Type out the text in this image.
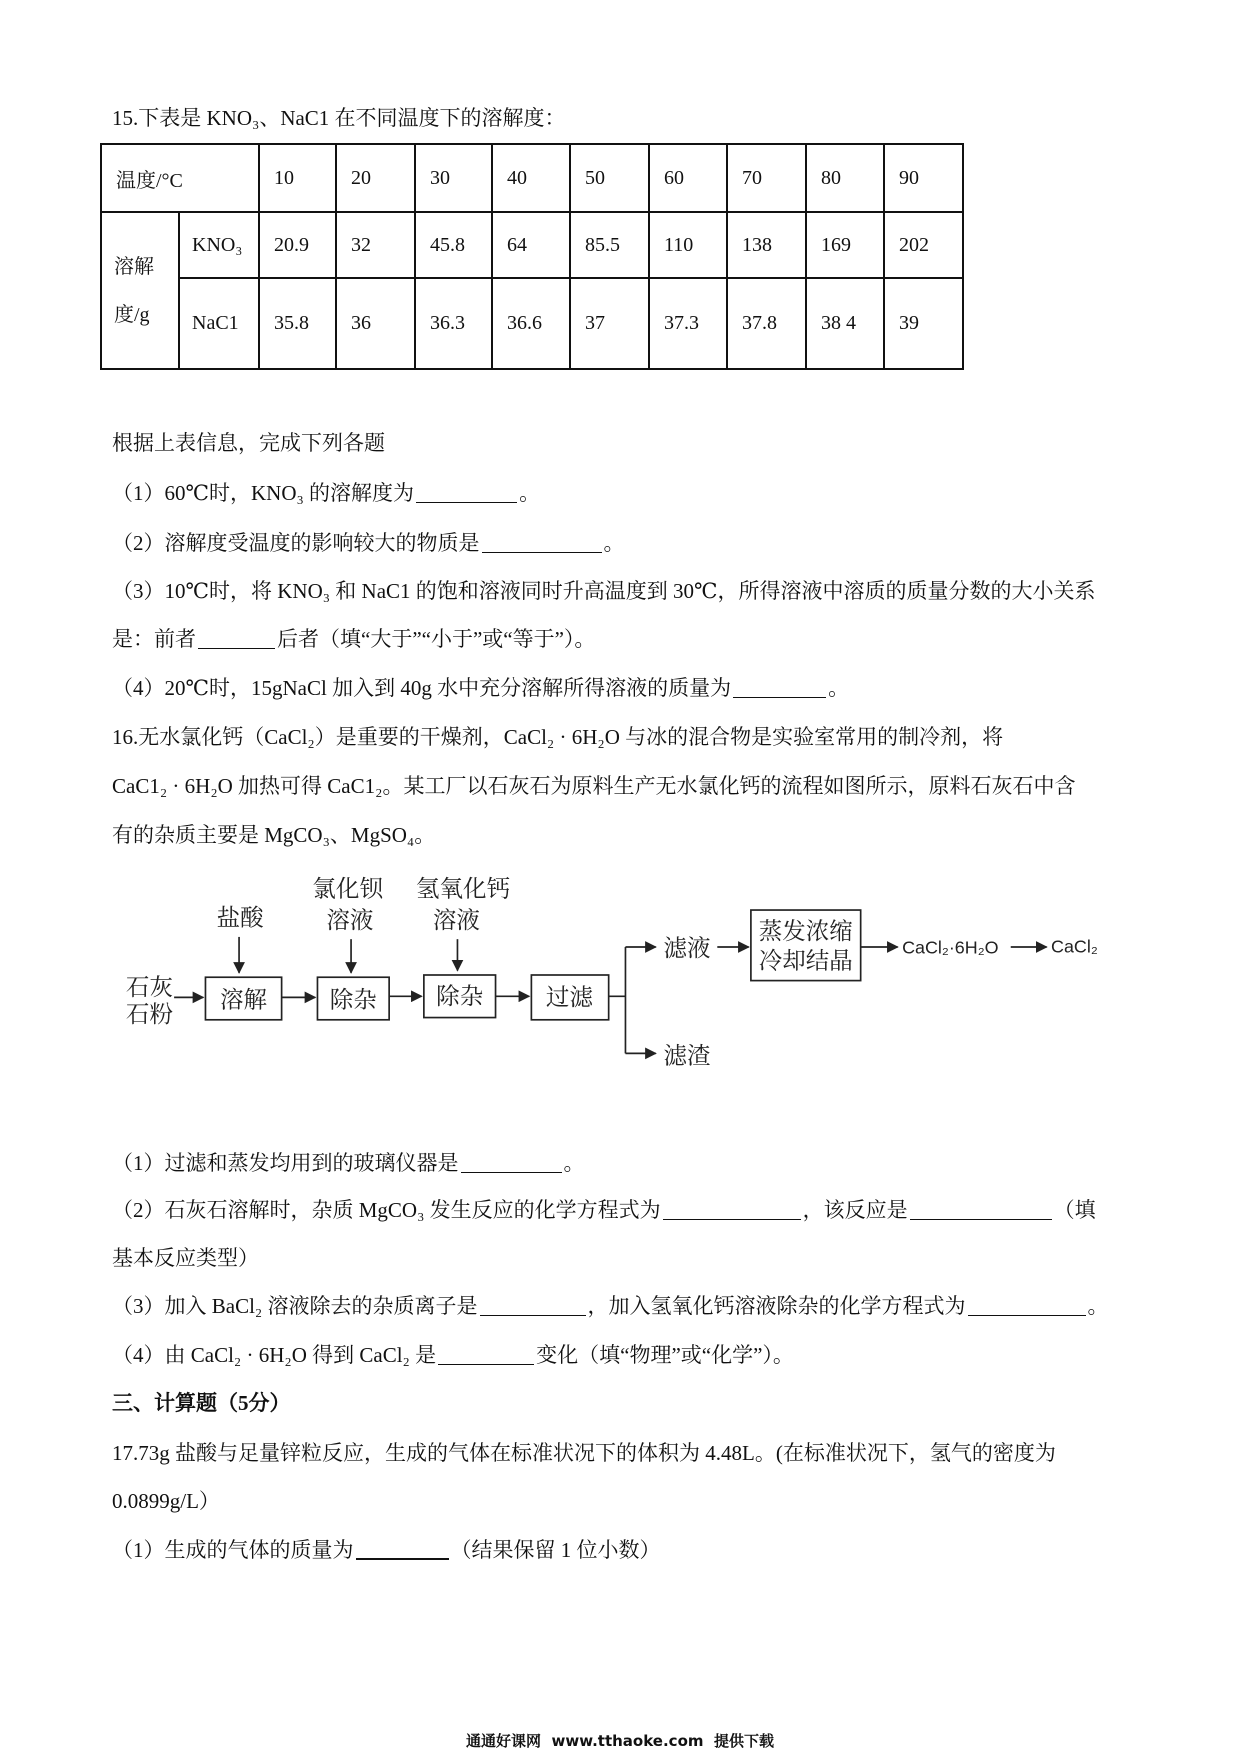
15.下表是 KNO₃、NaC1 在不同温度下的溶解度：
温度/°C		10	20	30	40	50	60	70	80	90

溶解
度/g	KNO₃	20.9	32	45.8	64	85.5	110	138	169	202
	NaC1	35.8	36	36.3	36.6	37	37.3	37.8	38 4	39
根据上表信息，完成下列各题
（1）60℃时，KNO₃ 的溶解度为	。
（2）溶解度受温度的影响较大的物质是	。
（3）10℃时，将 KNO₃ 和 NaC1 的饱和溶液同时升高温度到 30℃，所得溶液中溶质的质量分数的大小关系
是：前者	后者（填“大于”“小于”或“等于”）。
（4）20℃时，15gNaCl 加入到 40g 水中充分溶解所得溶液的质量为	。
16.无水氯化钙（CaCl₂）是重要的干燥剂，CaCl₂ · 6H₂O 与冰的混合物是实验室常用的制冷剂，将
CaC1₂ · 6H₂O 加热可得 CaC1₂。某工厂以石灰石为原料生产无水氯化钙的流程如图所示，原料石灰石中含
有的杂质主要是 MgCO₃、MgSO₄。
盐酸
氯化钡
溶液
氢氧化钙
溶液
石灰
石粉
溶解	除杂	除杂	过滤
滤液
滤渣
蒸发浓缩
冷却结晶	CaCl₂·6H₂O	CaCl₂
（1）过滤和蒸发均用到的玻璃仪器是	。
（2）石灰石溶解时，杂质 MgCO₃ 发生反应的化学方程式为	，该反应是	（填
基本反应类型）
（3）加入 BaCl₂ 溶液除去的杂质离子是	，加入氢氧化钙溶液除杂的化学方程式为	。
（4）由 CaCl₂ · 6H₂O 得到 CaCl₂ 是	变化（填“物理”或“化学”）。
三、计算题（5分）
17.73g 盐酸与足量锌粒反应，生成的气体在标准状况下的体积为 4.48L。(在标准状况下，氢气的密度为
0.0899g/L）
（1）生成的气体的质量为	（结果保留 1 位小数）
通通好课网  www.tthaoke.com  提供下载
